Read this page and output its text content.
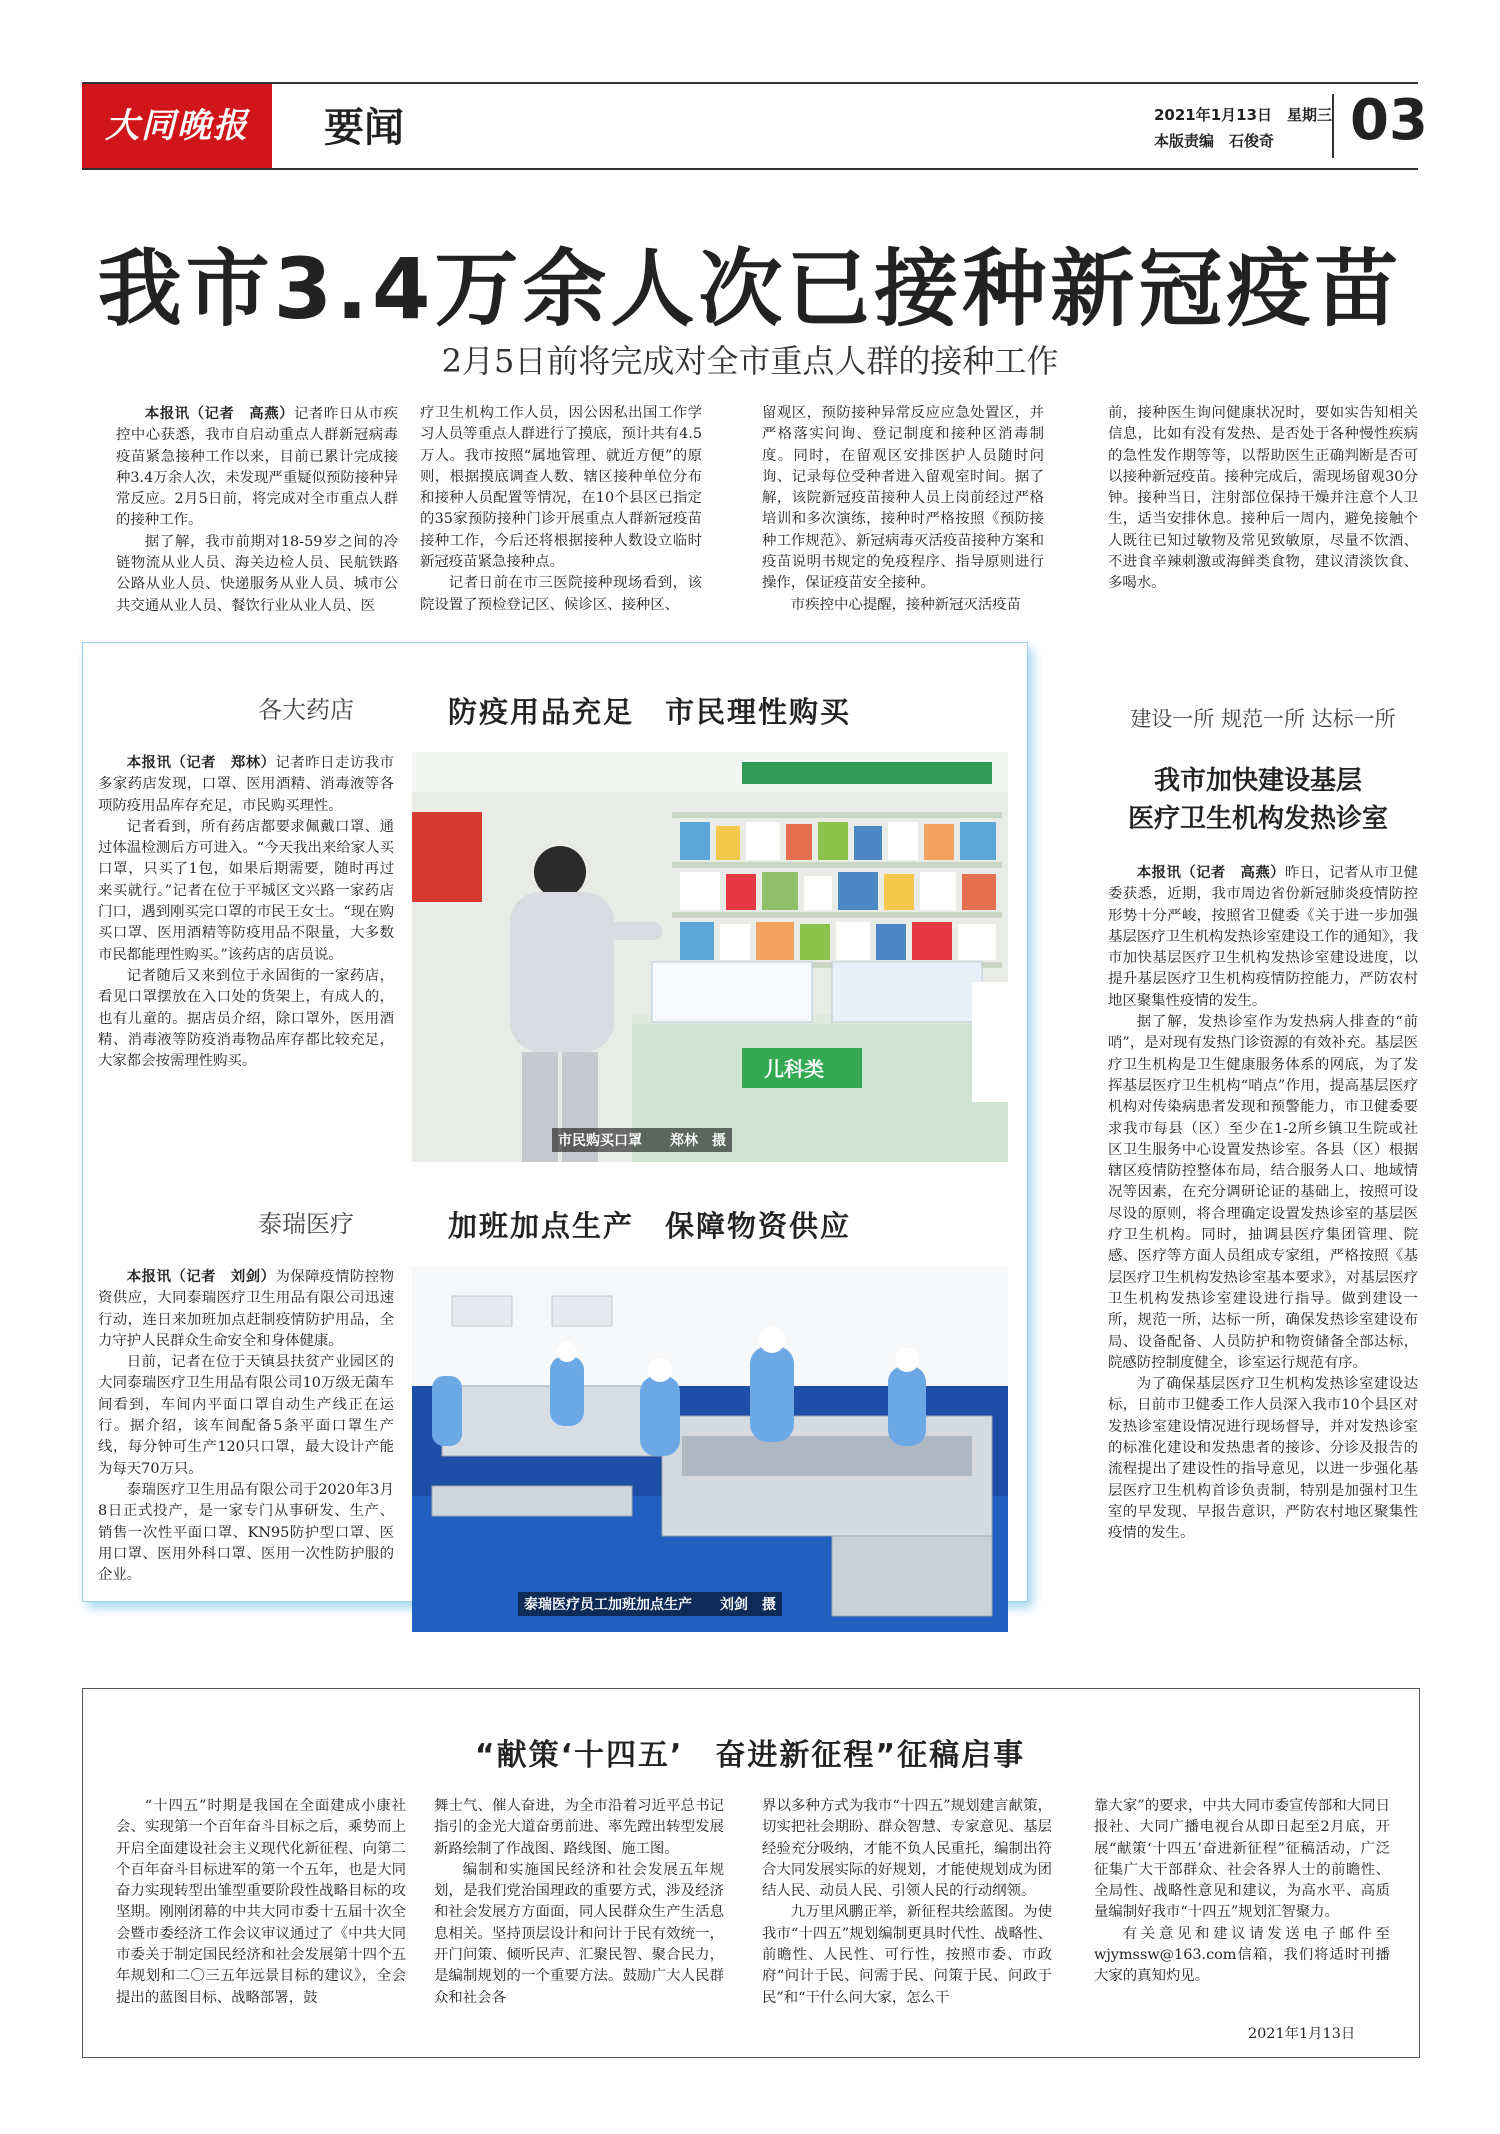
大同晚报	要闻	2021年1月13日　星期三
本版责编　石俊奇 03
我市3.4万余人次已接种新冠疫苗
2月5日前将完成对全市重点人群的接种工作

本报讯（记者　高燕）记者昨日从市疾控中心获悉，我市自启动重点人群新冠病毒疫苗紧急接种工作以来，目前已累计完成接种3.4万余人次，未发现严重疑似预防接种异常反应。2月5日前，将完成对全市重点人群的接种工作。

据了解，我市前期对18-59岁之间的冷链物流从业人员、海关边检人员、民航铁路公路从业人员、快递服务从业人员、城市公共交通从业人员、餐饮行业从业人员、医

疗卫生机构工作人员，因公因私出国工作学习人员等重点人群进行了摸底，预计共有4.5万人。我市按照“属地管理、就近方便”的原则，根据摸底调查人数、辖区接种单位分布和接种人员配置等情况，在10个县区已指定的35家预防接种门诊开展重点人群新冠疫苗接种工作，今后还将根据接种人数设立临时新冠疫苗紧急接种点。

记者日前在市三医院接种现场看到，该院设置了预检登记区、候诊区、接种区、

留观区，预防接种异常反应应急处置区，并严格落实问询、登记制度和接种区消毒制度。同时，在留观区安排医护人员随时问询、记录每位受种者进入留观室时间。据了解，该院新冠疫苗接种人员上岗前经过严格培训和多次演练，接种时严格按照《预防接种工作规范》、新冠病毒灭活疫苗接种方案和疫苗说明书规定的免疫程序、指导原则进行操作，保证疫苗安全接种。

市疾控中心提醒，接种新冠灭活疫苗

前，接种医生询问健康状况时，要如实告知相关信息，比如有没有发热、是否处于各种慢性疾病的急性发作期等等，以帮助医生正确判断是否可以接种新冠疫苗。接种完成后，需现场留观30分钟。接种当日，注射部位保持干燥并注意个人卫生，适当安排休息。接种后一周内，避免接触个人既往已知过敏物及常见致敏原，尽量不饮酒、不进食辛辣刺激或海鲜类食物，建议清淡饮食、多喝水。

各大药店	防疫用品充足　市民理性购买

本报讯（记者　郑林）记者昨日走访我市多家药店发现，口罩、医用酒精、消毒液等各项防疫用品库存充足，市民购买理性。

记者看到，所有药店都要求佩戴口罩、通过体温检测后方可进入。“今天我出来给家人买口罩，只买了1包，如果后期需要，随时再过来买就行。”记者在位于平城区文兴路一家药店门口，遇到刚买完口罩的市民王女士。“现在购买口罩、医用酒精等防疫用品不限量，大多数市民都能理性购买。”该药店的店员说。

记者随后又来到位于永固街的一家药店，看见口罩摆放在入口处的货架上，有成人的，也有儿童的。据店员介绍，除口罩外，医用酒精、消毒液等防疫消毒物品库存都比较充足，大家都会按需理性购买。	儿科类
市民购买口罩　　郑林　摄
泰瑞医疗	加班加点生产　保障物资供应

本报讯（记者　刘剑）为保障疫情防控物资供应，大同泰瑞医疗卫生用品有限公司迅速行动，连日来加班加点赶制疫情防护用品，全力守护人民群众生命安全和身体健康。

日前，记者在位于天镇县扶贫产业园区的大同泰瑞医疗卫生用品有限公司10万级无菌车间看到，车间内平面口罩自动生产线正在运行。据介绍，该车间配备5条平面口罩生产线，每分钟可生产120只口罩，最大设计产能为每天70万只。

泰瑞医疗卫生用品有限公司于2020年3月8日正式投产，是一家专门从事研发、生产、销售一次性平面口罩、KN95防护型口罩、医用口罩、医用外科口罩、医用一次性防护服的企业。

泰瑞医疗员工加班加点生产　　刘剑　摄
建设一所 规范一所 达标一所
我市加快建设基层
医疗卫生机构发热诊室

本报讯（记者　高燕）昨日，记者从市卫健委获悉，近期，我市周边省份新冠肺炎疫情防控形势十分严峻，按照省卫健委《关于进一步加强基层医疗卫生机构发热诊室建设工作的通知》，我市加快基层医疗卫生机构发热诊室建设进度，以提升基层医疗卫生机构疫情防控能力，严防农村地区聚集性疫情的发生。

据了解，发热诊室作为发热病人排查的“前哨”，是对现有发热门诊资源的有效补充。基层医疗卫生机构是卫生健康服务体系的网底，为了发挥基层医疗卫生机构“哨点”作用，提高基层医疗机构对传染病患者发现和预警能力，市卫健委要求我市每县（区）至少在1-2所乡镇卫生院或社区卫生服务中心设置发热诊室。各县（区）根据辖区疫情防控整体布局，结合服务人口、地域情况等因素，在充分调研论证的基础上，按照可设尽设的原则，将合理确定设置发热诊室的基层医疗卫生机构。同时，抽调县医疗集团管理、院感、医疗等方面人员组成专家组，严格按照《基层医疗卫生机构发热诊室基本要求》，对基层医疗卫生机构发热诊室建设进行指导。做到建设一所，规范一所，达标一所，确保发热诊室建设布局、设备配备、人员防护和物资储备全部达标，院感防控制度健全，诊室运行规范有序。

为了确保基层医疗卫生机构发热诊室建设达标，日前市卫健委工作人员深入我市10个县区对发热诊室建设情况进行现场督导，并对发热诊室的标准化建设和发热患者的接诊、分诊及报告的流程提出了建设性的指导意见，以进一步强化基层医疗卫生机构首诊负责制，特别是加强村卫生室的早发现、早报告意识，严防农村地区聚集性疫情的发生。

“献策‘十四五’　奋进新征程”征稿启事

“十四五”时期是我国在全面建成小康社会、实现第一个百年奋斗目标之后，乘势而上开启全面建设社会主义现代化新征程、向第二个百年奋斗目标进军的第一个五年，也是大同奋力实现转型出雏型重要阶段性战略目标的攻坚期。刚刚闭幕的中共大同市委十五届十次全会暨市委经济工作会议审议通过了《中共大同市委关于制定国民经济和社会发展第十四个五年规划和二〇三五年远景目标的建议》，全会提出的蓝图目标、战略部署，鼓

舞士气、催人奋进，为全市沿着习近平总书记指引的金光大道奋勇前进、率先蹚出转型发展新路绘制了作战图、路线图、施工图。

编制和实施国民经济和社会发展五年规划，是我们党治国理政的重要方式，涉及经济和社会发展方方面面，同人民群众生产生活息息相关。坚持顶层设计和问计于民有效统一，开门问策、倾听民声、汇聚民智、聚合民力，是编制规划的一个重要方法。鼓励广大人民群众和社会各

界以多种方式为我市“十四五”规划建言献策，切实把社会期盼、群众智慧、专家意见、基层经验充分吸纳，才能不负人民重托，编制出符合大同发展实际的好规划，才能使规划成为团结人民、动员人民、引领人民的行动纲领。

九万里风鹏正举，新征程共绘蓝图。为使我市“十四五”规划编制更具时代性、战略性、前瞻性、人民性、可行性，按照市委、市政府“问计于民、问需于民、问策于民、问政于民”和“干什么问大家，怎么干

靠大家”的要求，中共大同市委宣传部和大同日报社、大同广播电视台从即日起至2月底，开展“献策‘十四五’奋进新征程”征稿活动，广泛征集广大干部群众、社会各界人士的前瞻性、全局性、战略性意见和建议，为高水平、高质量编制好我市“十四五”规划汇智聚力。

有关意见和建议请发送电子邮件至wjymssw@163.com信箱，我们将适时刊播大家的真知灼见。

2021年1月13日
